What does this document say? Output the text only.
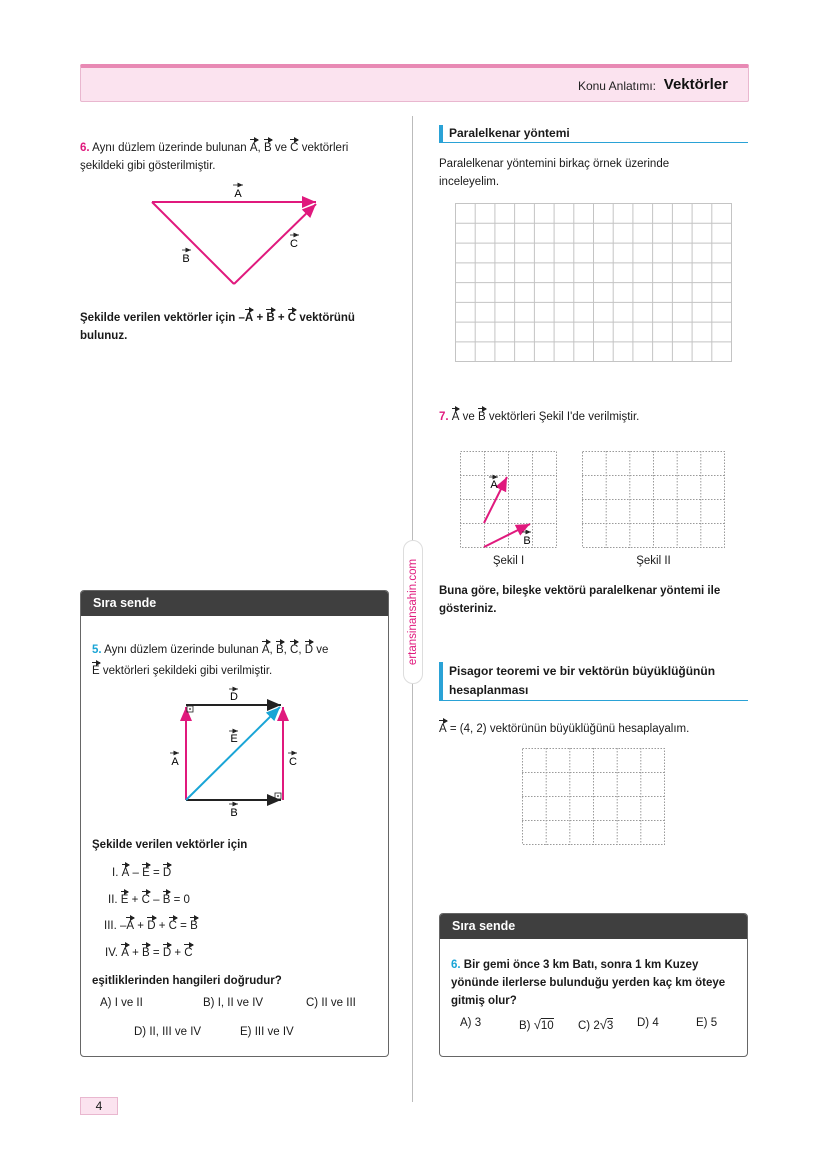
Konu Anlatımı: Vektörler
6. Aynı düzlem üzerinde bulunan A, B ve C vektörleri
şekildeki gibi gösterilmiştir.
A
B
C
Şekilde verilen vektörler için –A + B + C vektörünü
bulunuz.
Sıra sende
5. Aynı düzlem üzerinde bulunan A, B, C, D ve
E vektörleri şekildeki gibi verilmiştir.
D
E
A	C
B
Şekilde verilen vektörler için
I. A – E = D
II. E + C – B = 0
III. –A + D + C = B
IV. A + B = D + C
eşitliklerinden hangileri doğrudur?
A) I ve II	B) I, II ve IV	C) II ve III
D) II, III ve IV	E) III ve IV
ertansinansahin.com
Paralelkenar yöntemi
Paralelkenar yöntemini birkaç örnek üzerinde inceleyelim.
7. A ve B vektörleri Şekil I'de verilmiştir.
A
B
Şekil I	Şekil II
Buna göre, bileşke vektörü paralelkenar yöntemi ile gösteriniz.
Pisagor teoremi ve bir vektörün büyüklüğünün hesaplanması
A = (4, 2) vektörünün büyüklüğünü hesaplayalım.
Sıra sende
6. Bir gemi önce 3 km Batı, sonra 1 km Kuzey yönünde ilerlerse bulunduğu yerden kaç km öteye gitmiş olur?
A) 3	B) √10 C) 2√3 D) 4	E) 5
4
